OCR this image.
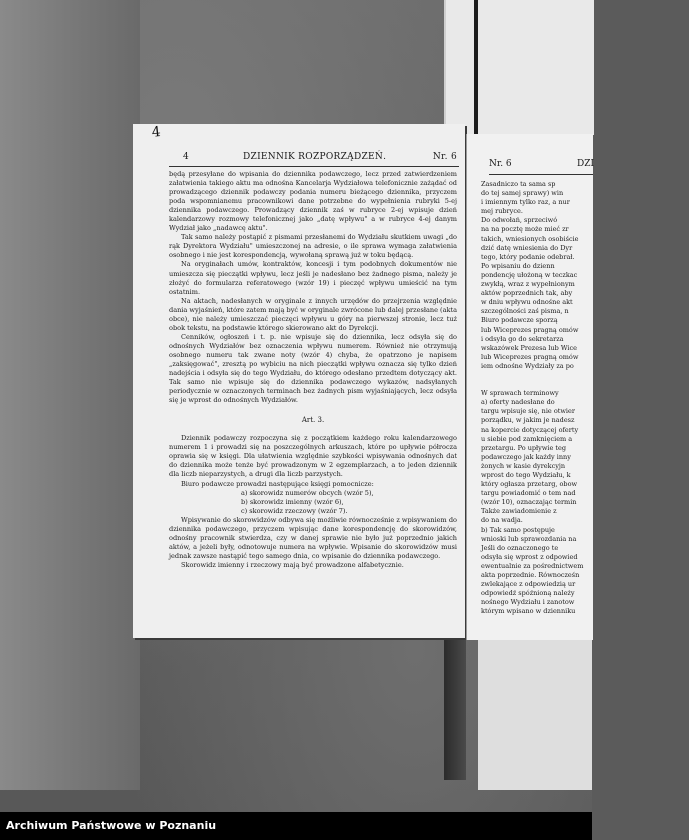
4	DZIENNIK ROZPORZĄDZEŃ.	Nr. 6

będą przesyłane do wpisania do dziennika podawczego, lecz przed zatwierdzeniem załatwienia takiego aktu ma odnośna Kancelarja Wydziałowa telefonicznie zażądać od prowadzącego dziennik podawczy podania numeru bieżącego dziennika, przyczem poda wspomnianemu pracownikowi dane potrzebne do wypełnienia rubryki 5-ej dziennika podawczego. Prowadzący dziennik zaś w rubryce 2-ej wpisuje dzień kalendarzowy rozmowy telefonicznej jako „datę wpływu" a w rubryce 4-ej danym Wydział jako „nadawcę aktu".

Tak samo należy postąpić z pismami przesłanemi do Wydziału skutkiem uwagi „do rąk Dyrektora Wydziału" umieszczonej na adresie, o ile sprawa wymaga załatwienia osobnego i nie jest korespondencją, wywołaną sprawą już w toku będącą.

Na oryginałach umów, kontraktów, koncesji i tym podobnych dokumentów nie umieszcza się pieczątki wpływu, lecz jeśli je nadesłano bez żadnego pisma, należy je złożyć do formularza referatowego (wzór 19) i pieczęć wpływu umieścić na tym ostatnim.

Na aktach, nadesłanych w oryginale z innych urzędów do przejrzenia względnie dania wyjaśnień, które zatem mają być w oryginale zwrócone lub dalej przesłane (akta obce), nie należy umieszczać pieczęci wpływu u góry na pierwszej stronie, lecz tuż obok tekstu, na podstawie którego skierowano akt do Dyrekcji.

Cenników, ogłoszeń i t. p. nie wpisuje się do dziennika, lecz odsyła się do odnośnych Wydziałów bez oznaczenia wpływu numerem. Również nie otrzymują osobnego numeru tak zwane noty (wzór 4) chyba, że opatrzono je napisem „zaksięgować", zresztą po wybiciu na nich pieczątki wpływu oznacza się tylko dzień nadejścia i odsyła się do tego Wydziału, do którego odesłano przedtem dotyczący akt. Tak samo nie wpisuje się do dziennika podawczego wykazów, nadsyłanych periodycznie w oznaczonych terminach bez żadnych pism wyjaśniających, lecz odsyła się je wprost do odnośnych Wydziałów.

Art. 3.

Dziennik podawczy rozpoczyna się z początkiem każdego roku kalendarzowego numerem 1 i prowadzi się na poszczególnych arkuszach, które po upływie półrocza oprawia się w księgi. Dla ułatwienia względnie szybkości wpisywania odnośnych dat do dziennika może tenże być prowadzonym w 2 egzemplarzach, a to jeden dziennik dla liczb nieparzystych, a drugi dla liczb parzystych.

Biuro podawcze prowadzi następujące księgi pomocnicze:

a) skorowidz numerów obcych (wzór 5),

b) skorowidz imienny (wzór 6),

c) skorowidz rzeczowy (wzór 7).

Wpisywanie do skorowidzów odbywa się możliwie równocześnie z wpisywaniem do dziennika podawczego, przyczem wpisując dane korespondencję do skorowidzów, odnośny pracownik stwierdza, czy w danej sprawie nie było już poprzednio jakich aktów, a jeżeli były, odnotowuje numera na wpływie. Wpisanie do skorowidzów musi jednak zawsze nastąpić tego samego dnia, co wpisanie do dziennika podawczego.

Skorowidz imienny i rzeczowy mają być prowadzone alfabetycznie.

4
Nr. 6	DZI
Zasadniczo ta sama sp
do tej samej sprawy) win
i imiennym tylko raz, a nur
mej rubryce.
Do odwołań, sprzeciwó
na na pocztę może mieć zr
takich, wniesionych osobiście
dzić datę wniesienia do Dyr
tego, który podanie odebrał.
Po wpisaniu do dzienn
pondencję ułożoną w teczkac
zwykłą, wraz z wypełnionym
aktów poprzednich tak, aby
w dniu wpływu odnośne akt
szczególności zaś pisma, n
Biuro podawcze sporzą
lub Wiceprezes pragną omów
i odsyła go do sekretarza
wskazówek Prezesa lub Wice
lub Wiceprezes pragną omów
iem odnośne Wydziały za po
W sprawach terminowy
a) oferty nadesłane do
targu wpisuje się, nie otwier
porządku, w jakim je nadesz
na kopercie dotyczącej oferty
u siebie pod zamknięciem a
przetargu. Po upływie teg
podawczego jak każdy inny
żonych w kasie dyrekcyjn
wprost do tego Wydziału, k
który ogłasza przetarg, obow
targu powiadomić o tem nad
(wzór 10), oznaczając termin
Także zawiadomienie z
do na wadja.
b) Tak samo postępuje
wnioski lub sprawozdania na
Jeśli do oznaczonego te
odsyła się wprost z odpowied
ewentualnie za pośrednictwem
akta poprzednie. Równocześn
zwlekające z odpowiedzią ur
odpowiedź spóźnioną należy
nośnego Wydziału i zanotow
którym wpisano w dzienniku
Archiwum Państwowe w Poznaniu
